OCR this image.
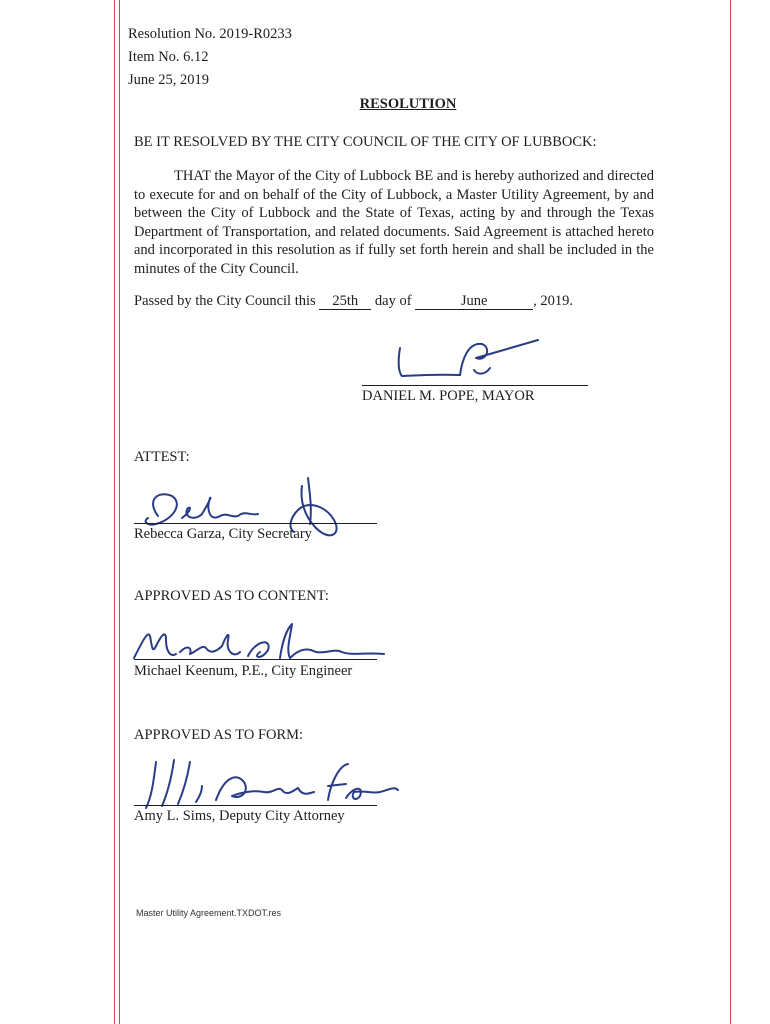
Resolution No. 2019-R0233
Item No. 6.12
June 25, 2019
RESOLUTION
BE IT RESOLVED BY THE CITY COUNCIL OF THE CITY OF LUBBOCK:
THAT the Mayor of the City of Lubbock BE and is hereby authorized and directed to execute for and on behalf of the City of Lubbock, a Master Utility Agreement, by and between the City of Lubbock and the State of Texas, acting by and through the Texas Department of Transportation, and related documents. Said Agreement is attached hereto and incorporated in this resolution as if fully set forth herein and shall be included in the minutes of the City Council.
Passed by the City Council this 25th day of	June	, 2019.
DANIEL M. POPE, MAYOR
ATTEST:
Rebecca Garza, City Secretary
APPROVED AS TO CONTENT:
Michael Keenum, P.E., City Engineer
APPROVED AS TO FORM:
Amy L. Sims, Deputy City Attorney
Master Utility Agreement.TXDOT.res
